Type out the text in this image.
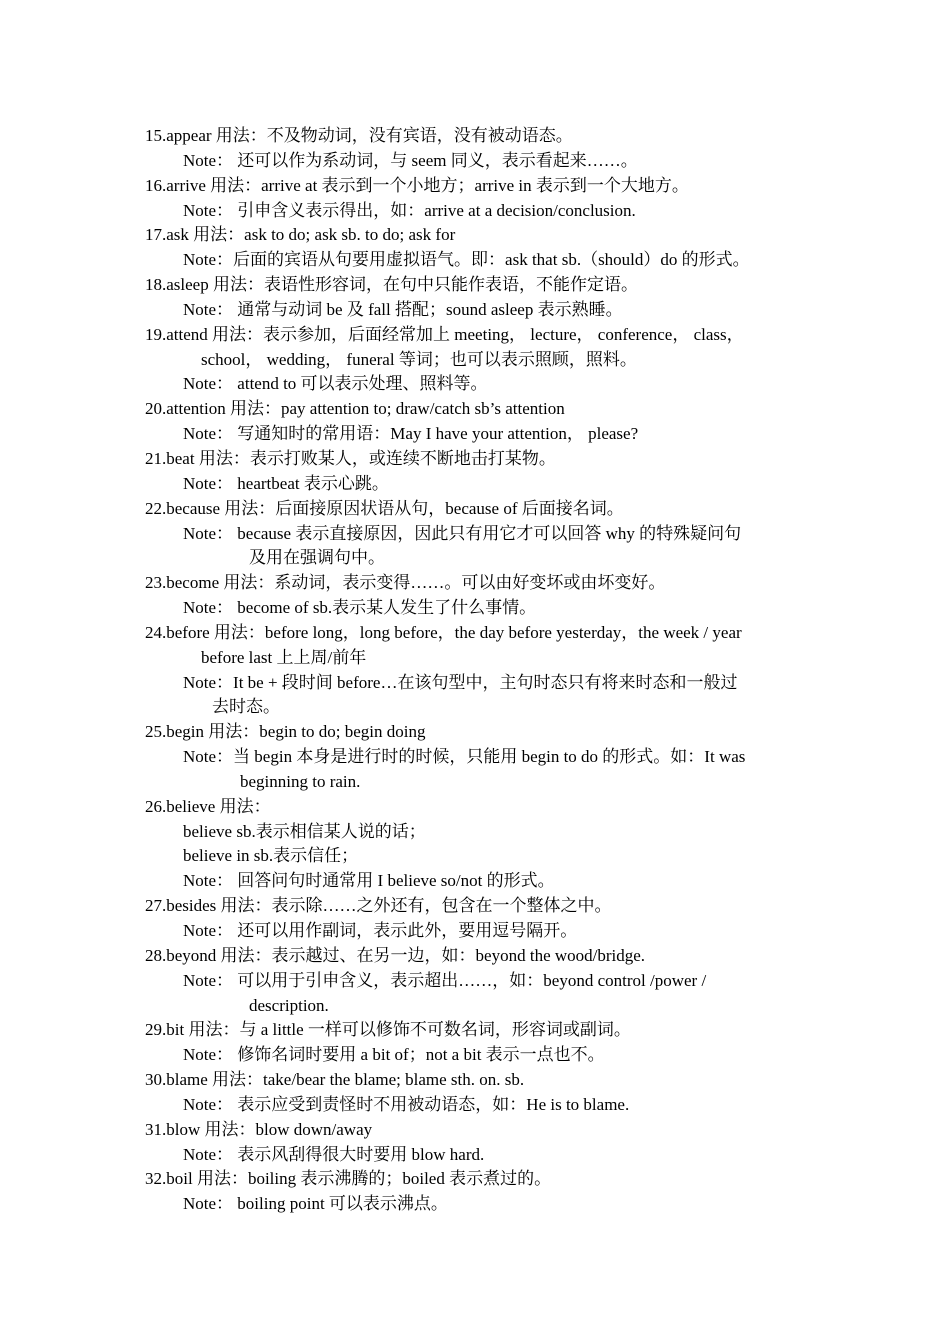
15.appear 用法：不及物动词，没有宾语，没有被动语态。
Note： 还可以作为系动词，与 seem 同义，表示看起来……。
16.arrive 用法：arrive at 表示到一个小地方；arrive in 表示到一个大地方。
Note： 引申含义表示得出，如：arrive at a decision/conclusion.
17.ask 用法：ask to do; ask sb. to do; ask for
Note：后面的宾语从句要用虚拟语气。即：ask that sb.（should）do 的形式。
18.asleep 用法：表语性形容词，在句中只能作表语，不能作定语。
Note： 通常与动词 be 及 fall 搭配；sound asleep 表示熟睡。
19.attend 用法：表示参加，后面经常加上 meeting， lecture， conference， class，
school， wedding， funeral 等词；也可以表示照顾，照料。
Note： attend to 可以表示处理、照料等。
20.attention 用法：pay attention to; draw/catch sb’s attention
Note： 写通知时的常用语：May I have your attention， please?
21.beat 用法：表示打败某人，或连续不断地击打某物。
Note： heartbeat 表示心跳。
22.because 用法：后面接原因状语从句，because of 后面接名词。
Note： because 表示直接原因，因此只有用它才可以回答 why 的特殊疑问句
及用在强调句中。
23.become 用法：系动词，表示变得……。可以由好变坏或由坏变好。
Note： become of sb.表示某人发生了什么事情。
24.before 用法：before long，long before，the day before yesterday，the week / year
before last 上上周/前年
Note：It be + 段时间 before…在该句型中，主句时态只有将来时态和一般过
去时态。
25.begin 用法：begin to do; begin doing
Note：当 begin 本身是进行时的时候，只能用 begin to do 的形式。如：It was
beginning to rain.
26.believe 用法：
believe sb.表示相信某人说的话；
believe in sb.表示信任；
Note： 回答问句时通常用 I believe so/not 的形式。
27.besides 用法：表示除……之外还有，包含在一个整体之中。
Note： 还可以用作副词，表示此外，要用逗号隔开。
28.beyond 用法：表示越过、在另一边，如：beyond the wood/bridge.
Note： 可以用于引申含义，表示超出……，如：beyond control /power /
description.
29.bit 用法：与 a little 一样可以修饰不可数名词，形容词或副词。
Note： 修饰名词时要用 a bit of；not a bit 表示一点也不。
30.blame 用法：take/bear the blame; blame sth. on. sb.
Note： 表示应受到责怪时不用被动语态，如：He is to blame.
31.blow 用法：blow down/away
Note： 表示风刮得很大时要用 blow hard.
32.boil 用法：boiling 表示沸腾的；boiled 表示煮过的。
Note： boiling point 可以表示沸点。
